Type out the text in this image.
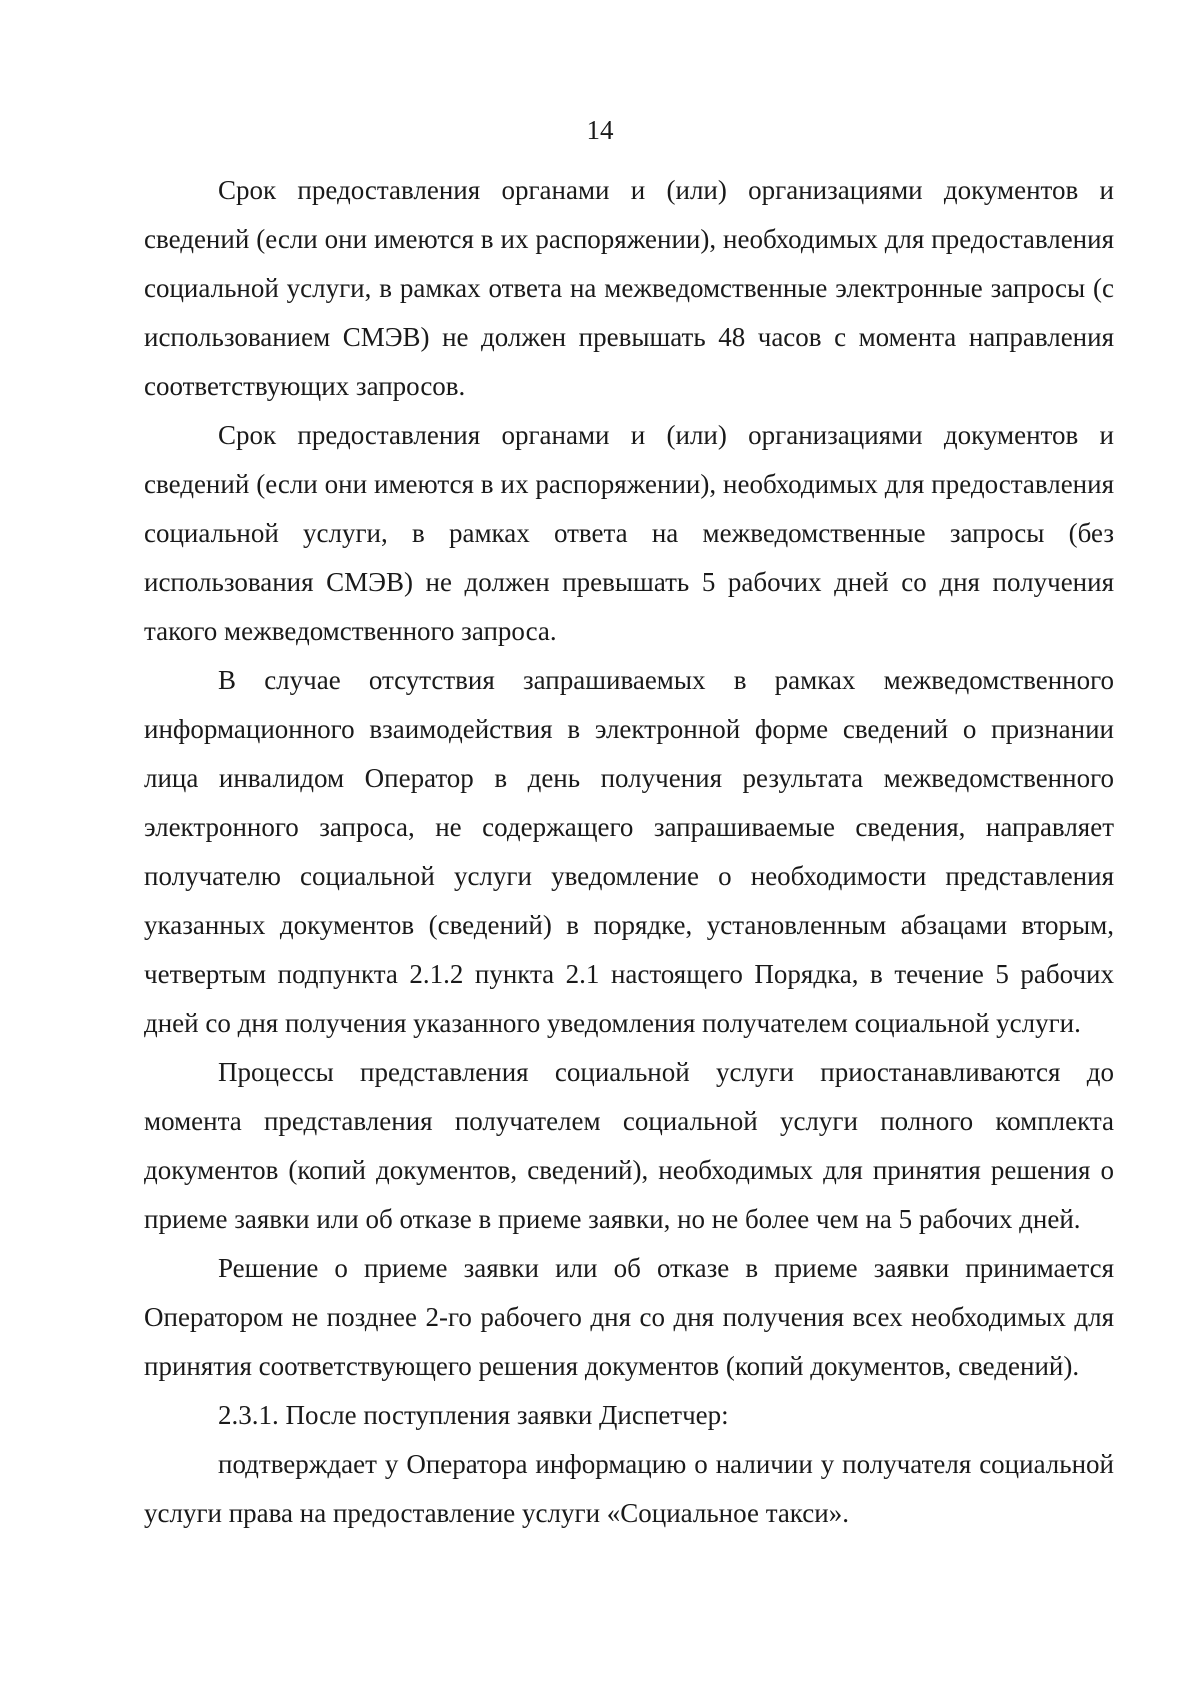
14

Срок предоставления органами и (или) организациями документов и сведений (если они имеются в их распоряжении), необходимых для предоставления социальной услуги, в рамках ответа на межведомственные электронные запросы (с использованием СМЭВ) не должен превышать 48 часов с момента направления соответствующих запросов.

Срок предоставления органами и (или) организациями документов и сведений (если они имеются в их распоряжении), необходимых для предоставления социальной услуги, в рамках ответа на межведомственные запросы (без использования СМЭВ) не должен превышать 5 рабочих дней со дня получения такого межведомственного запроса.

В случае отсутствия запрашиваемых в рамках межведомственного информационного взаимодействия в электронной форме сведений о признании лица инвалидом Оператор в день получения результата межведомственного электронного запроса, не содержащего запрашиваемые сведения, направляет получателю социальной услуги уведомление о необходимости представления указанных документов (сведений) в порядке, установленным абзацами вторым, четвертым подпункта 2.1.2 пункта 2.1 настоящего Порядка, в течение 5 рабочих дней со дня получения указанного уведомления получателем социальной услуги.

Процессы представления социальной услуги приостанавливаются до момента представления получателем социальной услуги полного комплекта документов (копий документов, сведений), необходимых для принятия решения о приеме заявки или об отказе в приеме заявки, но не более чем на 5 рабочих дней.

Решение о приеме заявки или об отказе в приеме заявки принимается Оператором не позднее 2-го рабочего дня со дня получения всех необходимых для принятия соответствующего решения документов (копий документов, сведений).

2.3.1. После поступления заявки Диспетчер:

подтверждает у Оператора информацию о наличии у получателя социальной услуги права на предоставление услуги «Социальное такси».
